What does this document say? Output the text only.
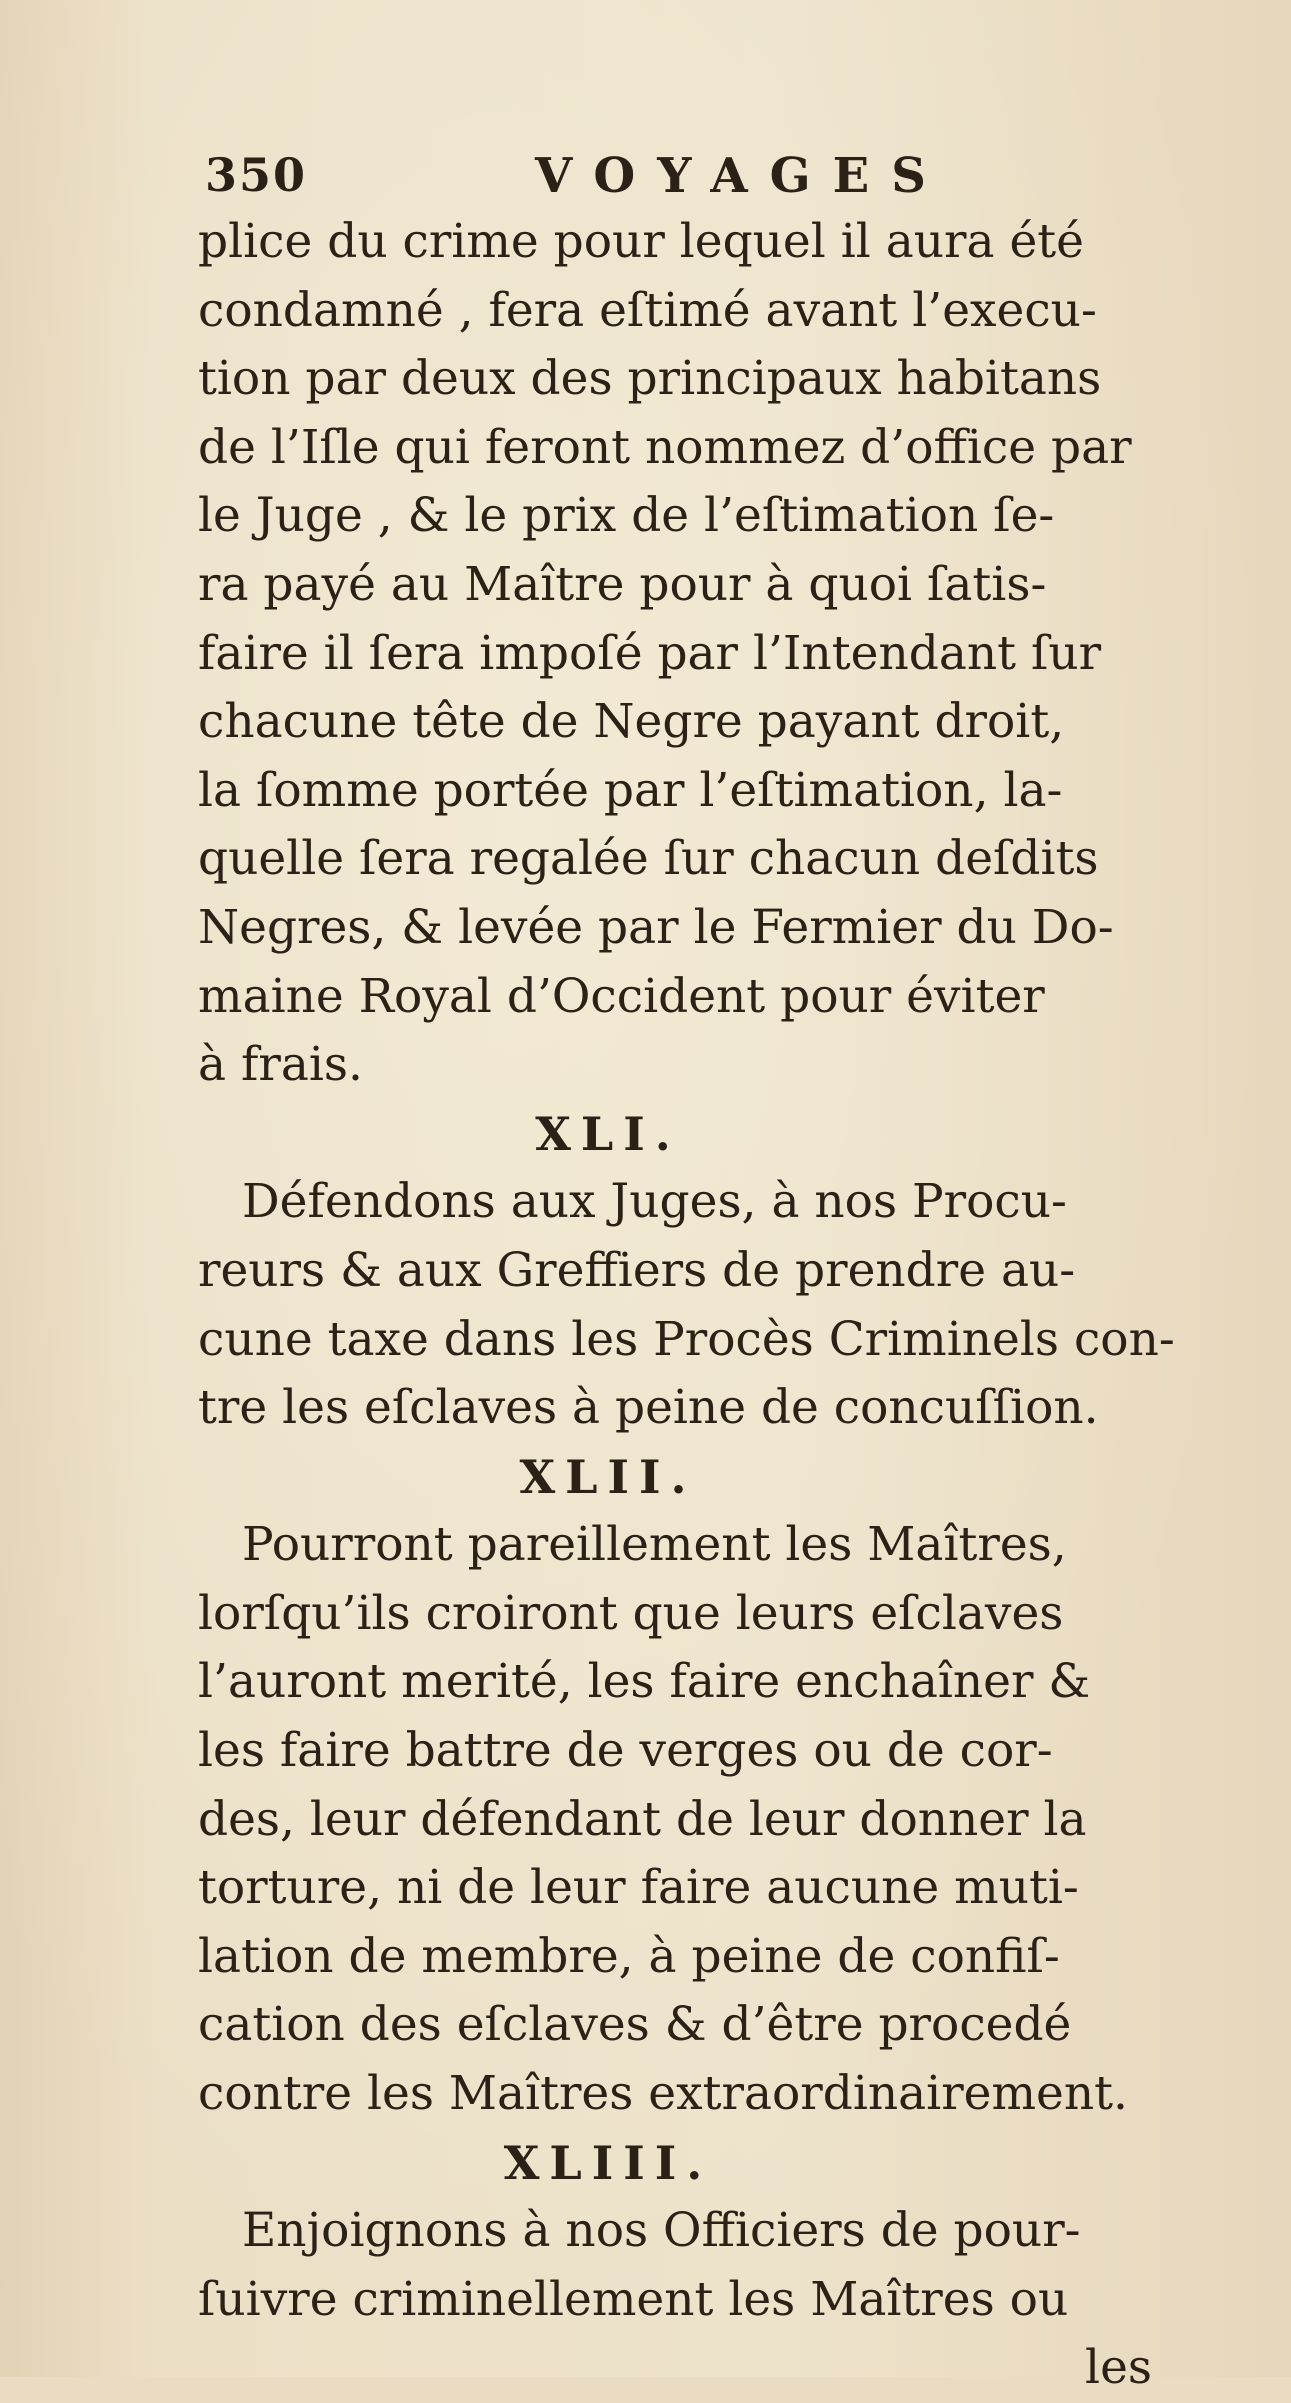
350	VOYAGES
plice du crime pour lequel il aura été
condamné , fera eſtimé avant l’execu-
tion par deux des principaux habitans
de l’Iſle qui feront nommez d’office par
le Juge , & le prix de l’eſtimation ſe-
ra payé au Maître pour à quoi ſatis-
faire il ſera impoſé par l’Intendant ſur
chacune tête de Negre payant droit,
la ſomme portée par l’eſtimation, la-
quelle ſera regalée ſur chacun deſdits
Negres, & levée par le Fermier du Do-
maine Royal d’Occident pour éviter
à frais.
XLI.
Défendons aux Juges, à nos Procu-
reurs & aux Greffiers de prendre au-
cune taxe dans les Procès Criminels con-
tre les eſclaves à peine de concuſſion.
XLII.
Pourront pareillement les Maîtres,
lorſqu’ils croiront que leurs eſclaves
l’auront merité, les faire enchaîner &
les faire battre de verges ou de cor-
des, leur défendant de leur donner la
torture, ni de leur faire aucune muti-
lation de membre, à peine de confiſ-
cation des eſclaves & d’être procedé
contre les Maîtres extraordinairement.
XLIII.
Enjoignons à nos Officiers de pour-
ſuivre criminellement les Maîtres ou
les
